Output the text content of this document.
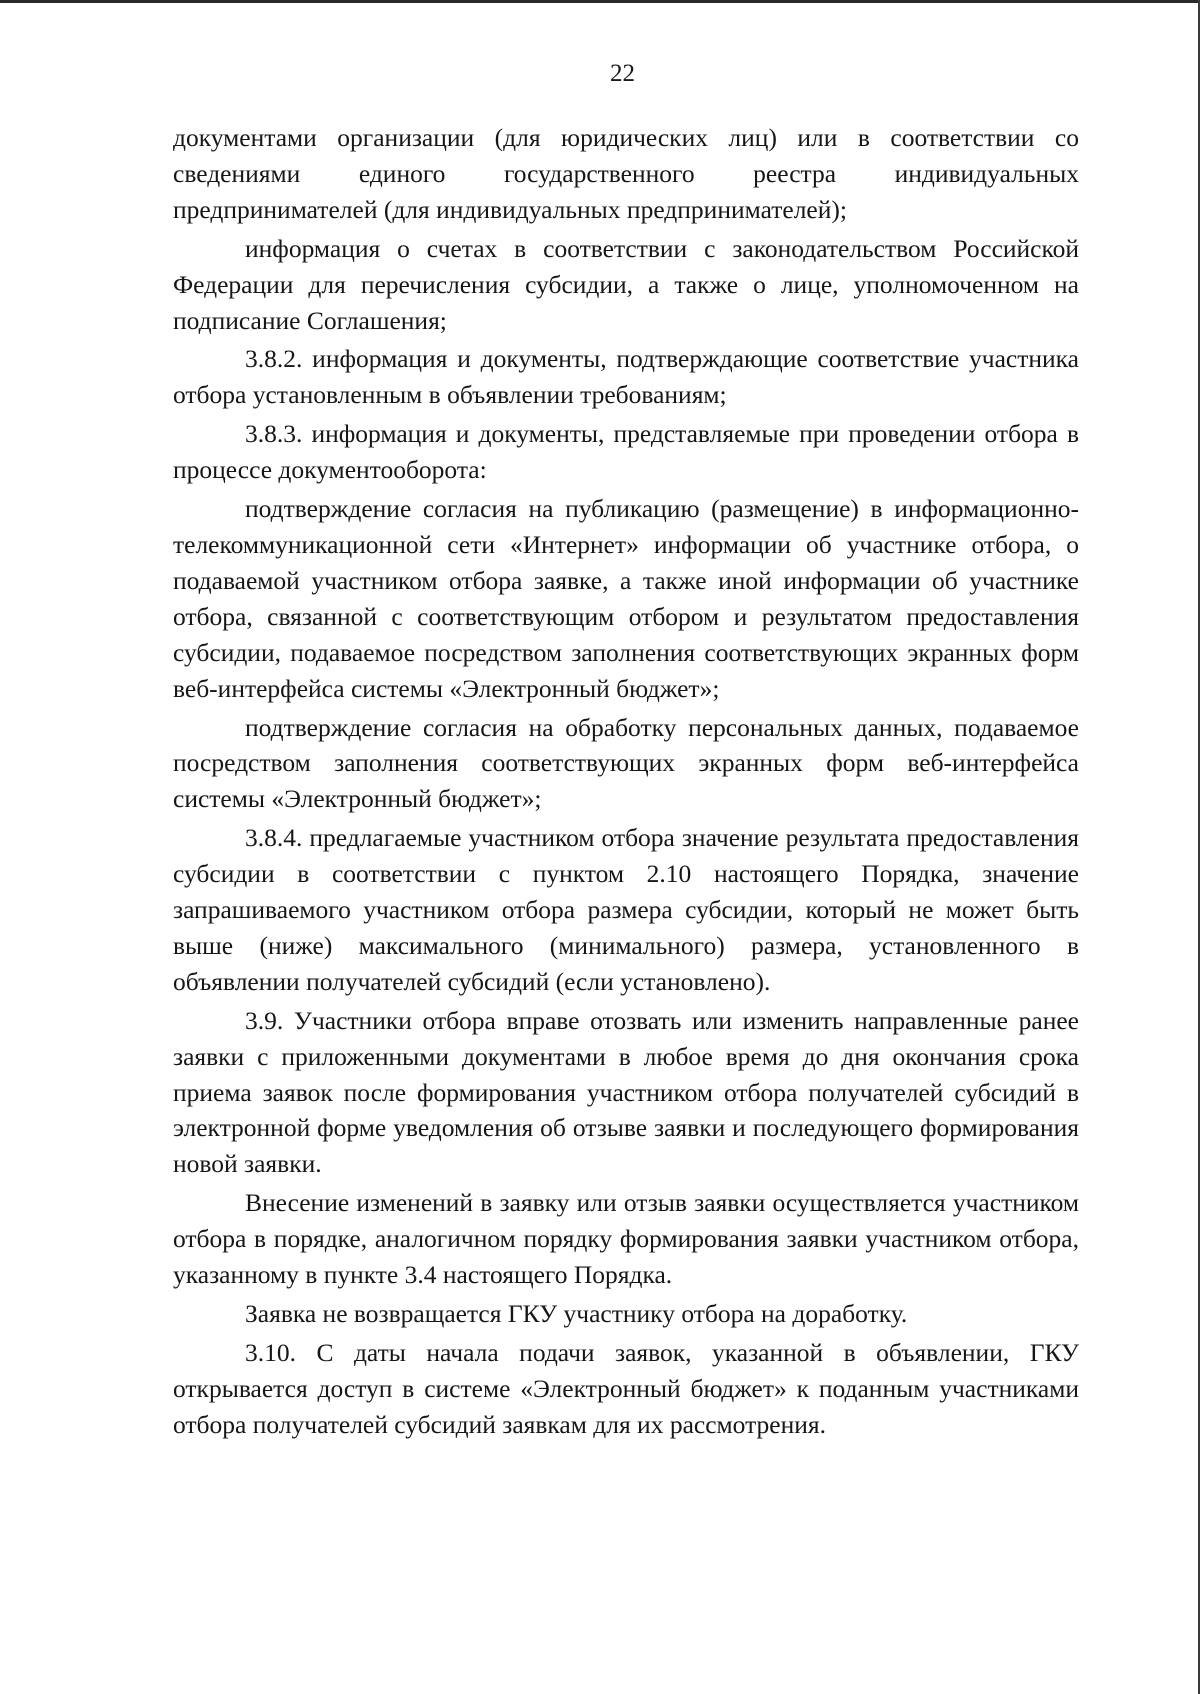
22

документами организации (для юридических лиц) или в соответствии со сведениями единого государственного реестра индивидуальных предпринимателей (для индивидуальных предпринимателей);

информация о счетах в соответствии с законодательством Российской Федерации для перечисления субсидии, а также о лице, уполномоченном на подписание Соглашения;

3.8.2. информация и документы, подтверждающие соответствие участника отбора установленным в объявлении требованиям;

3.8.3. информация и документы, представляемые при проведении отбора в процессе документооборота:

подтверждение согласия на публикацию (размещение) в информационно-телекоммуникационной сети «Интернет» информации об участнике отбора, о подаваемой участником отбора заявке, а также иной информации об участнике отбора, связанной с соответствующим отбором и результатом предоставления субсидии, подаваемое посредством заполнения соответствующих экранных форм веб-интерфейса системы «Электронный бюджет»;

подтверждение согласия на обработку персональных данных, подаваемое посредством заполнения соответствующих экранных форм веб-интерфейса системы «Электронный бюджет»;

3.8.4. предлагаемые участником отбора значение результата предоставления субсидии в соответствии с пунктом 2.10 настоящего Порядка, значение запрашиваемого участником отбора размера субсидии, который не может быть выше (ниже) максимального (минимального) размера, установленного в объявлении получателей субсидий (если установлено).

3.9. Участники отбора вправе отозвать или изменить направленные ранее заявки с приложенными документами в любое время до дня окончания срока приема заявок после формирования участником отбора получателей субсидий в электронной форме уведомления об отзыве заявки и последующего формирования новой заявки.

Внесение изменений в заявку или отзыв заявки осуществляется участником отбора в порядке, аналогичном порядку формирования заявки участником отбора, указанному в пункте 3.4 настоящего Порядка.

Заявка не возвращается ГКУ участнику отбора на доработку.

3.10. С даты начала подачи заявок, указанной в объявлении, ГКУ открывается доступ в системе «Электронный бюджет» к поданным участниками отбора получателей субсидий заявкам для их рассмотрения.
